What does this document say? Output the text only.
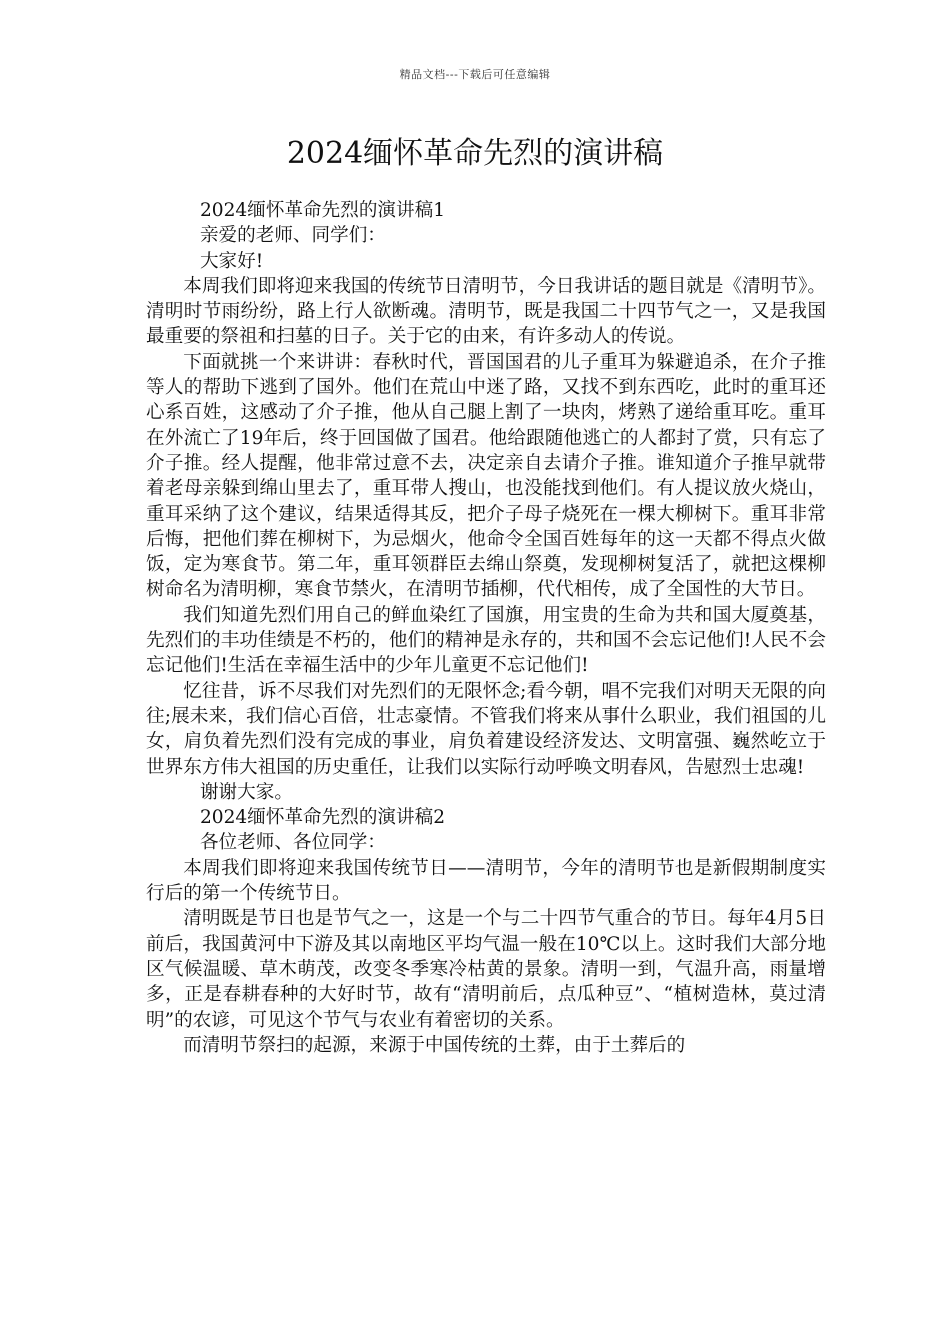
精品文档---下载后可任意编辑
2024缅怀革命先烈的演讲稿

2024缅怀革命先烈的演讲稿1

亲爱的老师、同学们：

大家好!

本周我们即将迎来我国的传统节日清明节，今日我讲话的题目就是《清明节》。清明时节雨纷纷，路上行人欲断魂。清明节，既是我国二十四节气之一，又是我国最重要的祭祖和扫墓的日子。关于它的由来，有许多动人的传说。

下面就挑一个来讲讲：春秋时代，晋国国君的儿子重耳为躲避追杀，在介子推等人的帮助下逃到了国外。他们在荒山中迷了路，又找不到东西吃，此时的重耳还心系百姓，这感动了介子推，他从自己腿上割了一块肉，烤熟了递给重耳吃。重耳在外流亡了19年后，终于回国做了国君。他给跟随他逃亡的人都封了赏，只有忘了介子推。经人提醒，他非常过意不去，决定亲自去请介子推。谁知道介子推早就带着老母亲躲到绵山里去了，重耳带人搜山，也没能找到他们。有人提议放火烧山，重耳采纳了这个建议，结果适得其反，把介子母子烧死在一棵大柳树下。重耳非常后悔，把他们葬在柳树下，为忌烟火，他命令全国百姓每年的这一天都不得点火做饭，定为寒食节。第二年，重耳领群臣去绵山祭奠，发现柳树复活了，就把这棵柳树命名为清明柳，寒食节禁火，在清明节插柳，代代相传，成了全国性的大节日。

我们知道先烈们用自己的鲜血染红了国旗，用宝贵的生命为共和国大厦奠基，先烈们的丰功佳绩是不朽的，他们的精神是永存的，共和国不会忘记他们!人民不会忘记他们!生活在幸福生活中的少年儿童更不忘记他们!

忆往昔，诉不尽我们对先烈们的无限怀念;看今朝，唱不完我们对明天无限的向往;展未来，我们信心百倍，壮志豪情。不管我们将来从事什么职业，我们祖国的儿女，肩负着先烈们没有完成的事业，肩负着建设经济发达、文明富强、巍然屹立于世界东方伟大祖国的历史重任，让我们以实际行动呼唤文明春风，告慰烈士忠魂!

谢谢大家。

2024缅怀革命先烈的演讲稿2

各位老师、各位同学：

本周我们即将迎来我国传统节日——清明节，今年的清明节也是新假期制度实行后的第一个传统节日。

清明既是节日也是节气之一，这是一个与二十四节气重合的节日。每年4月5日前后，我国黄河中下游及其以南地区平均气温一般在10℃以上。这时我们大部分地区气候温暖、草木萌茂，改变冬季寒冷枯黄的景象。清明一到，气温升高，雨量增多，正是春耕春种的大好时节，故有“清明前后，点瓜种豆”、“植树造林，莫过清明”的农谚，可见这个节气与农业有着密切的关系。

而清明节祭扫的起源，来源于中国传统的土葬，由于土葬后的
